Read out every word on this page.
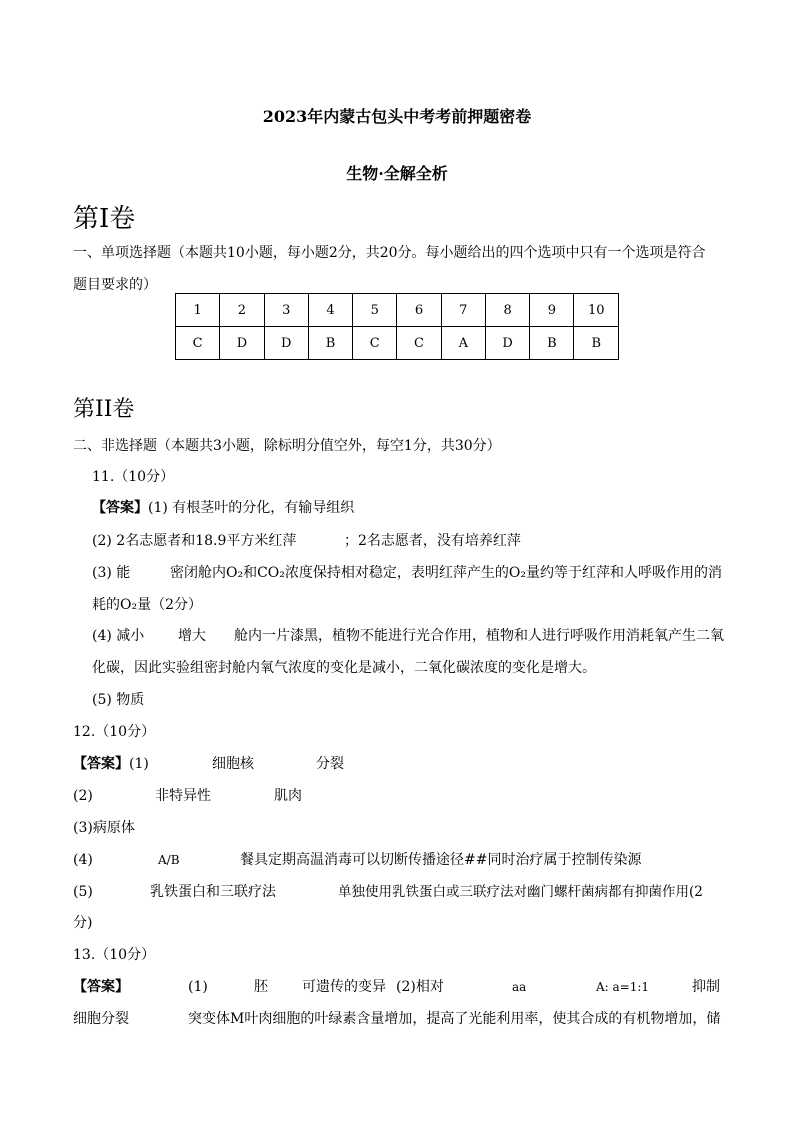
2023年内蒙古包头中考考前押题密卷
生物·全解全析
第Ⅰ卷
一、单项选择题（本题共10小题，每小题2分，共20分。每小题给出的四个选项中只有一个选项是符合
题目要求的）
1	2	3	4	5	6	7	8	9	10
C	D	D	B	C	C	A	D	B	B
第II卷
二、非选择题（本题共3小题，除标明分值空外，每空1分，共30分）
11.（10分）
【答案】(1) 有根茎叶的分化，有输导组织
(2) 2名志愿者和18.9平方米红萍	；2名志愿者，没有培养红萍
(3) 能	密闭舱内O₂和CO₂浓度保持相对稳定，表明红萍产生的O₂量约等于红萍和人呼吸作用的消
耗的O₂量（2分）
(4) 减小 增大 舱内一片漆黑，植物不能进行光合作用，植物和人进行呼吸作用消耗氧产生二氧
化碳，因此实验组密封舱内氧气浓度的变化是减小，二氧化碳浓度的变化是增大。
(5) 物质
12.（10分）
【答案】(1)	细胞核	分裂
(2)	非特异性	肌肉
(3)病原体
(4)	A/B	餐具定期高温消毒可以切断传播途径##同时治疗属于控制传染源
(5)	乳铁蛋白和三联疗法	单独使用乳铁蛋白或三联疗法对幽门螺杆菌病都有抑菌作用(2
分)
13.（10分）
【答案】	(1)	胚 可遗传的变异 (2)相对	aa	A: a=1:1	抑制
细胞分裂	突变体M叶肉细胞的叶绿素含量增加，提高了光能利用率，使其合成的有机物增加，储
